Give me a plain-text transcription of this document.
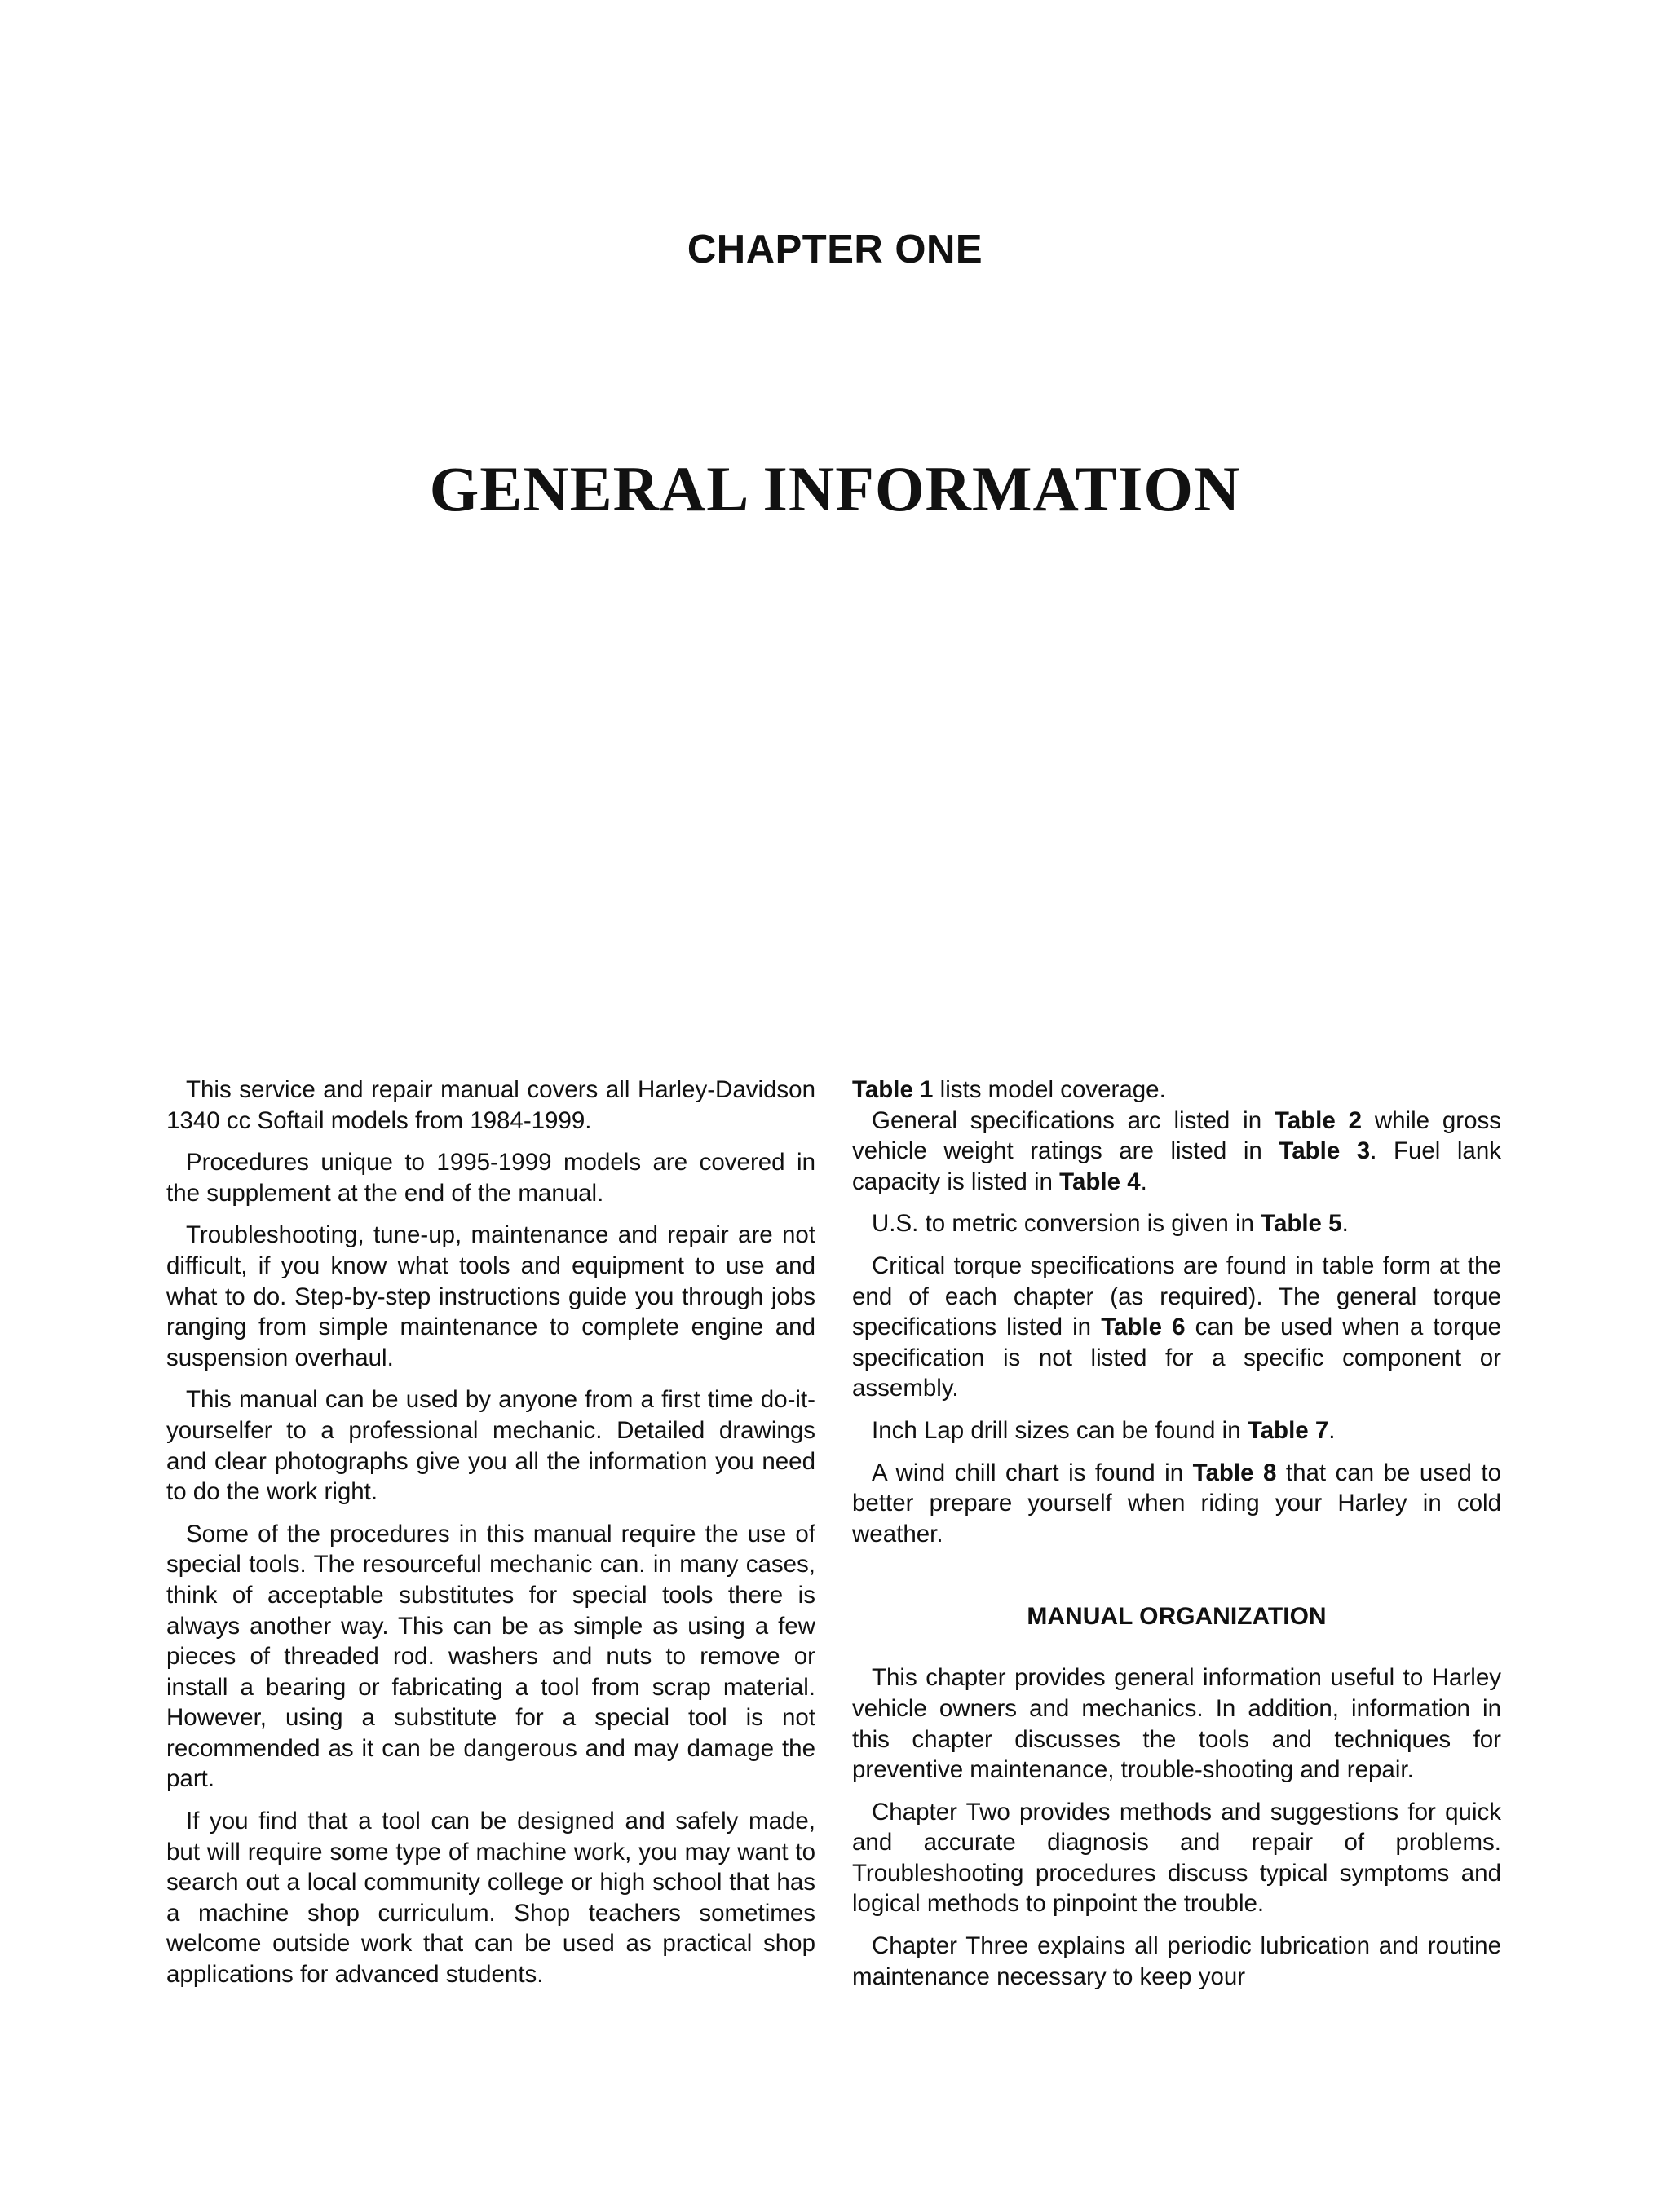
CHAPTER ONE
GENERAL INFORMATION

This service and repair manual covers all Harley-Davidson 1340 cc Softail models from 1984-1999.

Procedures unique to 1995-1999 models are covered in the supplement at the end of the manual.

Troubleshooting, tune-up, maintenance and repair are not difficult, if you know what tools and equipment to use and what to do. Step-by-step instructions guide you through jobs ranging from simple maintenance to complete engine and suspension overhaul.

This manual can be used by anyone from a first time do-it-yourselfer to a professional mechanic. Detailed drawings and clear photographs give you all the information you need to do the work right.

Some of the procedures in this manual require the use of special tools. The resourceful mechanic can. in many cases, think of acceptable substitutes for special tools there is always another way. This can be as simple as using a few pieces of threaded rod. washers and nuts to remove or install a bearing or fabricating a tool from scrap material. However, using a substitute for a special tool is not recommended as it can be dangerous and may damage the part.

If you find that a tool can be designed and safely made, but will require some type of machine work, you may want to search out a local community college or high school that has a machine shop curriculum. Shop teachers sometimes welcome outside work that can be used as practical shop applications for advanced students.

Table 1 lists model coverage.

General specifications arc listed in Table 2 while gross vehicle weight ratings are listed in Table 3. Fuel lank capacity is listed in Table 4.

U.S. to metric conversion is given in Table 5.

Critical torque specifications are found in table form at the end of each chapter (as required). The general torque specifications listed in Table 6 can be used when a torque specification is not listed for a specific component or assembly.

Inch Lap drill sizes can be found in Table 7.

A wind chill chart is found in Table 8 that can be used to better prepare yourself when riding your Harley in cold weather.

MANUAL ORGANIZATION

This chapter provides general information useful to Harley vehicle owners and mechanics. In addition, information in this chapter discusses the tools and techniques for preventive maintenance, trouble-shooting and repair.

Chapter Two provides methods and suggestions for quick and accurate diagnosis and repair of problems. Troubleshooting procedures discuss typical symptoms and logical methods to pinpoint the trouble.

Chapter Three explains all periodic lubrication and routine maintenance necessary to keep your
